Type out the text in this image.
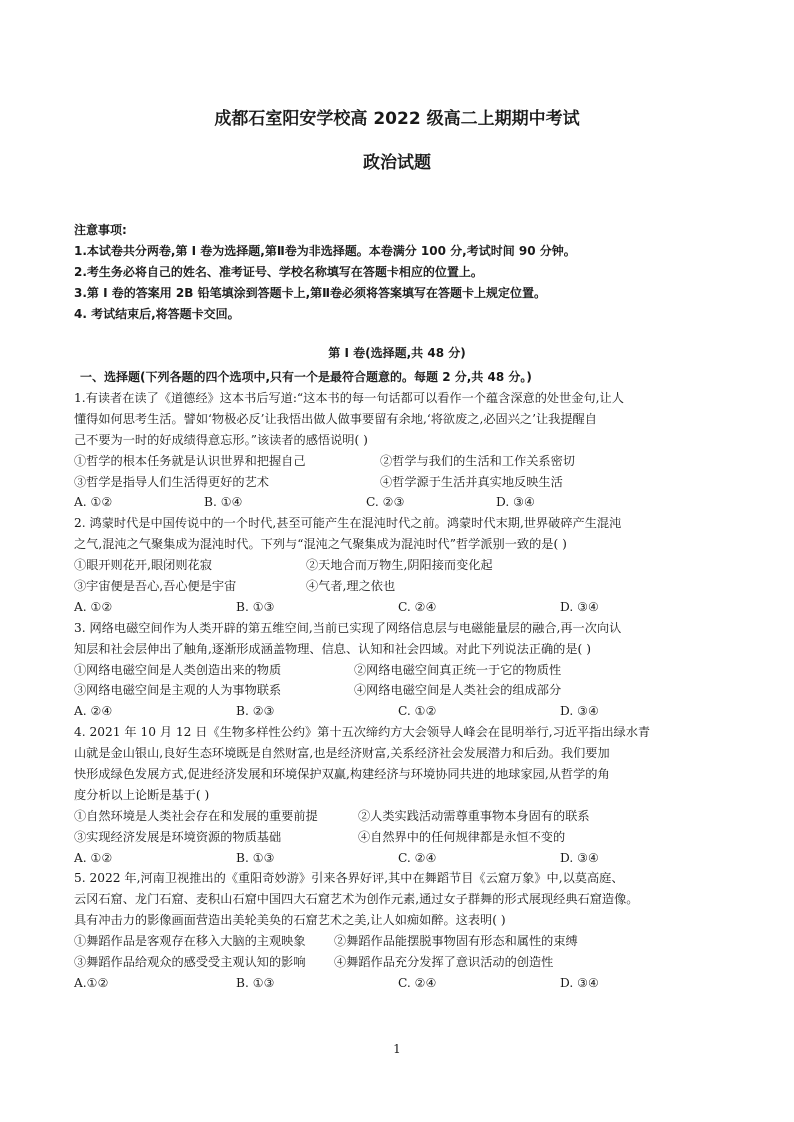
成都石室阳安学校高 2022 级高二上期期中考试
政治试题
注意事项:
1.本试卷共分两卷,第 Ⅰ 卷为选择题,第Ⅱ卷为非选择题。本卷满分 100 分,考试时间 90 分钟。
2.考生务必将自己的姓名、准考证号、学校名称填写在答题卡相应的位置上。
3.第 Ⅰ 卷的答案用 2B 铅笔填涂到答题卡上,第Ⅱ卷必须将答案填写在答题卡上规定位置。
4. 考试结束后,将答题卡交回。
第 Ⅰ 卷(选择题,共 48 分)
一、选择题(下列各题的四个选项中,只有一个是最符合题意的。每题 2 分,共 48 分。)
1.有读者在读了《道德经》这本书后写道:“这本书的每一句话都可以看作一个蕴含深意的处世金句,让人
懂得如何思考生活。譬如‘物极必反’让我悟出做人做事要留有余地,‘将欲废之,必固兴之’让我提醒自
己不要为一时的好成绩得意忘形。”该读者的感悟说明( )
①哲学的根本任务就是认识世界和把握自己	②哲学与我们的生活和工作关系密切
③哲学是指导人们生活得更好的艺术	④哲学源于生活并真实地反映生活
A. ①②	B. ①④	C. ②③	D. ③④
2. 鸿蒙时代是中国传说中的一个时代,甚至可能产生在混沌时代之前。鸿蒙时代末期,世界破碎产生混沌
之气,混沌之气聚集成为混沌时代。下列与“混沌之气聚集成为混沌时代”哲学派别一致的是( )
①眼开则花开,眼闭则花寂	②天地合而万物生,阴阳接而变化起
③宇宙便是吾心,吾心便是宇宙	④气者,理之依也
A. ①②	B. ①③	C. ②④	D. ③④
3. 网络电磁空间作为人类开辟的第五维空间,当前已实现了网络信息层与电磁能量层的融合,再一次向认
知层和社会层伸出了触角,逐渐形成涵盖物理、信息、认知和社会四域。对此下列说法正确的是( )
①网络电磁空间是人类创造出来的物质	②网络电磁空间真正统一于它的物质性
③网络电磁空间是主观的人为事物联系	④网络电磁空间是人类社会的组成部分
A. ②④	B. ②③	C. ①②	D. ③④
4. 2021 年 10 月 12 日《生物多样性公约》第十五次缔约方大会领导人峰会在昆明举行,习近平指出绿水青
山就是金山银山,良好生态环境既是自然财富,也是经济财富,关系经济社会发展潜力和后劲。我们要加
快形成绿色发展方式,促进经济发展和环境保护双赢,构建经济与环境协同共进的地球家园,从哲学的角
度分析以上论断是基于( )
①自然环境是人类社会存在和发展的重要前提	②人类实践活动需尊重事物本身固有的联系
③实现经济发展是环境资源的物质基础	④自然界中的任何规律都是永恒不变的
A. ①②	B. ①③	C. ②④	D. ③④
5. 2022 年,河南卫视推出的《重阳奇妙游》引来各界好评,其中在舞蹈节目《云窟万象》中,以莫高庭、
云冈石窟、龙门石窟、麦积山石窟中国四大石窟艺术为创作元素,通过女子群舞的形式展现经典石窟造像。
具有冲击力的影像画面营造出美轮美奂的石窟艺术之美,让人如痴如醉。这表明( )
①舞蹈作品是客观存在移入大脑的主观映象	②舞蹈作品能摆脱事物固有形态和属性的束缚
③舞蹈作品给观众的感受受主观认知的影响	④舞蹈作品充分发挥了意识活动的创造性
A.①②	B. ①③	C. ②④	D. ③④
1
